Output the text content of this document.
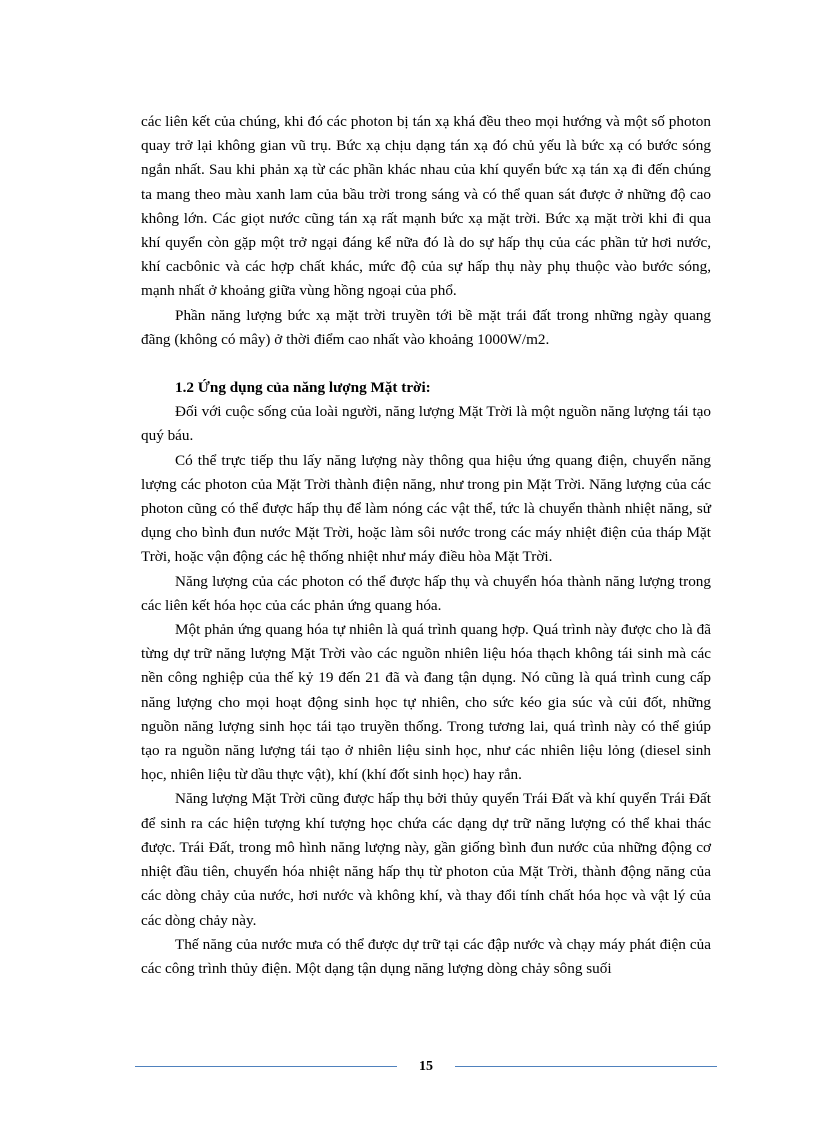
các liên kết của chúng, khi đó các photon bị tán xạ khá đều theo mọi hướng và một số photon quay trở lại không gian vũ trụ. Bức xạ chịu dạng tán xạ đó chủ yếu là bức xạ có bước sóng ngắn nhất. Sau khi phản xạ từ các phần khác nhau của khí quyển bức xạ tán xạ đi đến chúng ta mang theo màu xanh lam của bầu trời trong sáng và có thể quan sát được ở những độ cao không lớn. Các giọt nước cũng tán xạ rất mạnh bức xạ mặt trời. Bức xạ mặt trời khi đi qua khí quyển còn gặp một trở ngại đáng kể nữa đó là do sự hấp thụ của các phần tử hơi nước, khí cacbônic và các hợp chất khác, mức độ của sự hấp thụ này phụ thuộc vào bước sóng, mạnh nhất ở khoảng giữa vùng hồng ngoại của phổ.

Phần năng lượng bức xạ mặt trời truyền tới bề mặt trái đất trong những ngày quang đãng (không có mây) ở thời điểm cao nhất vào khoảng 1000W/m2.

1.2 Ứng dụng của năng lượng Mặt trời:

Đối với cuộc sống của loài người, năng lượng Mặt Trời là một nguồn năng lượng tái tạo quý báu.

Có thể trực tiếp thu lấy năng lượng này thông qua hiệu ứng quang điện, chuyển năng lượng các photon của Mặt Trời thành điện năng, như trong pin Mặt Trời. Năng lượng của các photon cũng có thể được hấp thụ để làm nóng các vật thể, tức là chuyển thành nhiệt năng, sử dụng cho bình đun nước Mặt Trời, hoặc làm sôi nước trong các máy nhiệt điện của tháp Mặt Trời, hoặc vận động các hệ thống nhiệt như máy điều hòa Mặt Trời.

Năng lượng của các photon có thể được hấp thụ và chuyển hóa thành năng lượng trong các liên kết hóa học của các phản ứng quang hóa.

Một phản ứng quang hóa tự nhiên là quá trình quang hợp. Quá trình này được cho là đã từng dự trữ năng lượng Mặt Trời vào các nguồn nhiên liệu hóa thạch không tái sinh mà các nền công nghiệp của thế kỷ 19 đến 21 đã và đang tận dụng. Nó cũng là quá trình cung cấp năng lượng cho mọi hoạt động sinh học tự nhiên, cho sức kéo gia súc và củi đốt, những nguồn năng lượng sinh học tái tạo truyền thống. Trong tương lai, quá trình này có thể giúp tạo ra nguồn năng lượng tái tạo ở nhiên liệu sinh học, như các nhiên liệu lỏng (diesel sinh học, nhiên liệu từ dầu thực vật), khí (khí đốt sinh học) hay rắn.

Năng lượng Mặt Trời cũng được hấp thụ bởi thủy quyển Trái Đất và khí quyển Trái Đất để sinh ra các hiện tượng khí tượng học chứa các dạng dự trữ năng lượng có thể khai thác được. Trái Đất, trong mô hình năng lượng này, gần giống bình đun nước của những động cơ nhiệt đầu tiên, chuyển hóa nhiệt năng hấp thụ từ photon của Mặt Trời, thành động năng của các dòng chảy của nước, hơi nước và không khí, và thay đổi tính chất hóa học và vật lý của các dòng chảy này.

Thế năng của nước mưa có thể được dự trữ tại các đập nước và chạy máy phát điện của các công trình thủy điện. Một dạng tận dụng năng lượng dòng chảy sông suối

15
